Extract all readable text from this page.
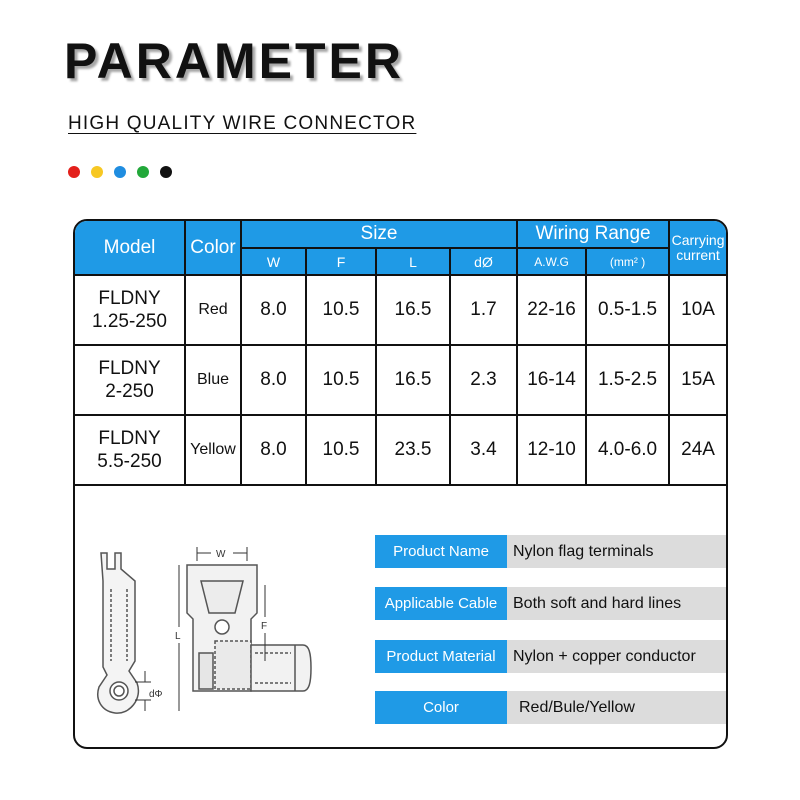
PARAMETER
HIGH QUALITY WIRE CONNECTOR
Model	Color	Size				Wiring Range		Carrying
current

		W	F	L	dØ	A.W.G	(mm² )	

FLDNY
1.25-250	Red	8.0	10.5	16.5	1.7	22-16	0.5-1.5	10A

FLDNY
2-250	Blue	8.0	10.5	16.5	2.3	16-14	1.5-2.5	15A

FLDNY
5.5-250	Yellow	8.0	10.5	23.5	3.4	12-10	4.0-6.0	24A
dΦ
W
L
F
Product Name	Nylon flag terminals
Applicable Cable Both soft and hard lines
Product Material	Nylon + copper conductor
Color	Red/Bule/Yellow
